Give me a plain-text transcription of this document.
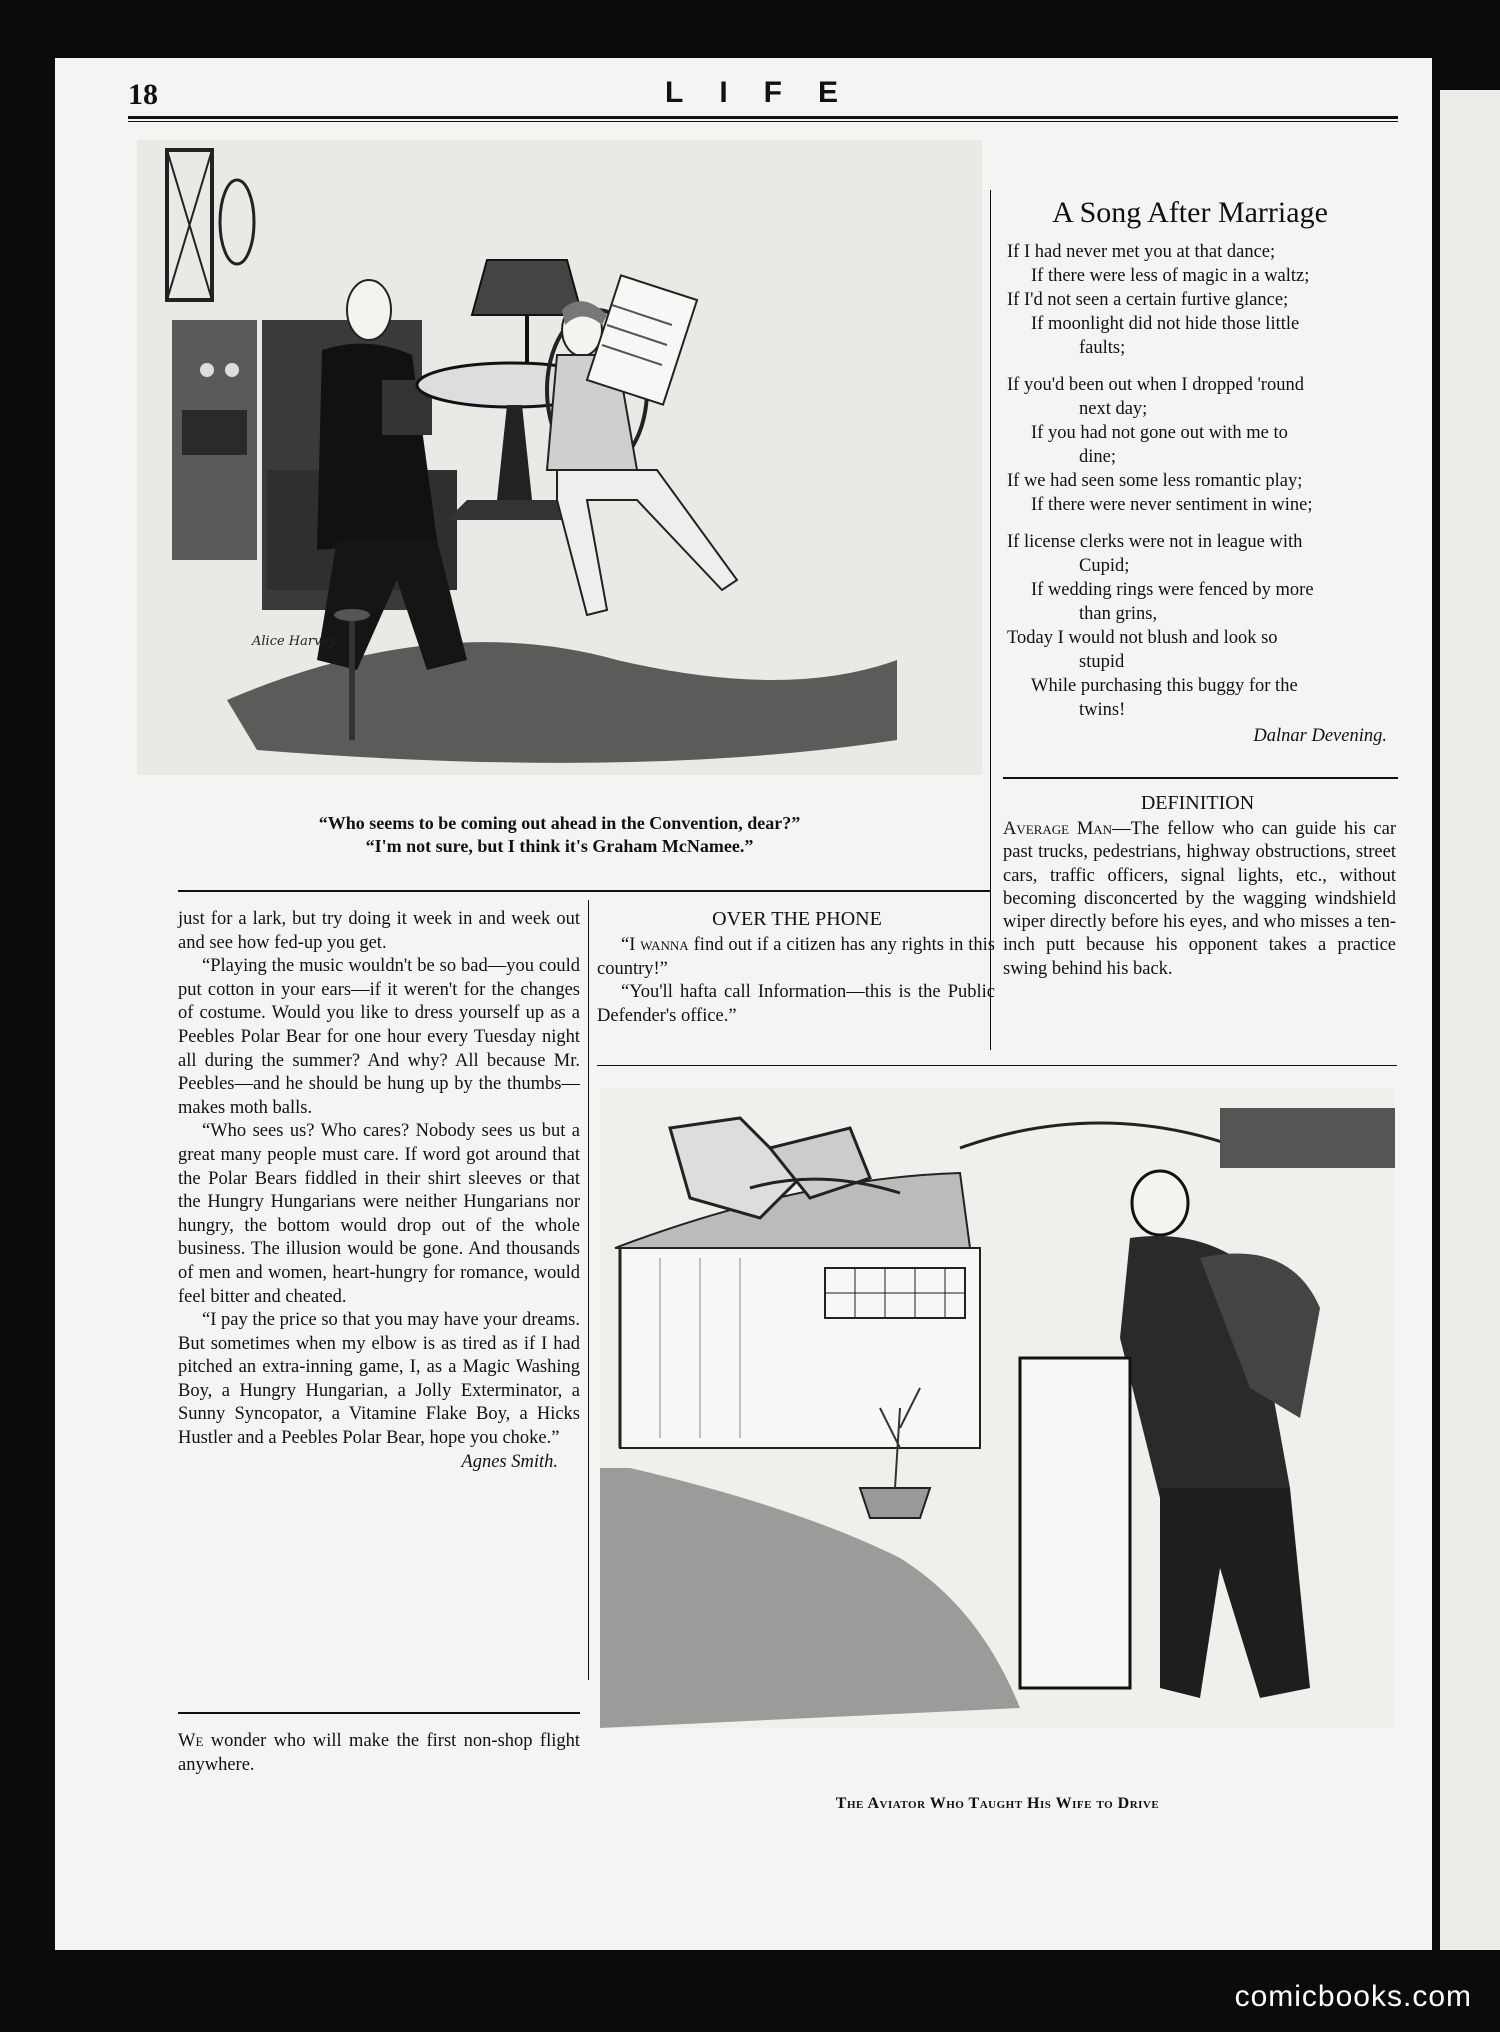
18	LIFE
Alice Harvey
“Who seems to be coming out ahead in the Convention, dear?”
“I'm not sure, but I think it's Graham McNamee.”
A Song After Marriage
If I had never met you at that dance;
If there were less of magic in a waltz;
If I'd not seen a certain furtive glance;
If moonlight did not hide those little
faults;
If you'd been out when I dropped 'round
next day;
If you had not gone out with me to
dine;
If we had seen some less romantic play;
If there were never sentiment in wine;
If license clerks were not in league with
Cupid;
If wedding rings were fenced by more
than grins,
Today I would not blush and look so
stupid
While purchasing this buggy for the
twins!
Dalnar Devening.
DEFINITION
Average Man—The fellow who can guide his car past trucks, pedestrians, highway obstructions, street cars, traffic officers, signal lights, etc., without becoming disconcerted by the wagging windshield wiper directly before his eyes, and who misses a ten-inch putt because his opponent takes a practice swing behind his back.

just for a lark, but try doing it week in and week out and see how fed-up you get.

“Playing the music wouldn't be so bad—you could put cotton in your ears—if it weren't for the changes of costume. Would you like to dress yourself up as a Peebles Polar Bear for one hour every Tuesday night all during the summer? And why? All because Mr. Peebles—and he should be hung up by the thumbs—makes moth balls.

“Who sees us? Who cares? Nobody sees us but a great many people must care. If word got around that the Polar Bears fiddled in their shirt sleeves or that the Hungry Hungarians were neither Hungarians nor hungry, the bottom would drop out of the whole business. The illusion would be gone. And thousands of men and women, heart-hungry for romance, would feel bitter and cheated.

“I pay the price so that you may have your dreams. But sometimes when my elbow is as tired as if I had pitched an extra-inning game, I, as a Magic Washing Boy, a Hungry Hungarian, a Jolly Exterminator, a Sunny Syncopator, a Vitamine Flake Boy, a Hicks Hustler and a Peebles Polar Bear, hope you choke.”

Agnes Smith.

We wonder who will make the first non-shop flight anywhere.
OVER THE PHONE

“I wanna find out if a citizen has any rights in this country!”

“You'll hafta call Information—this is the Public Defender's office.”

The Aviator Who Taught His Wife to Drive
comicbooks.com
